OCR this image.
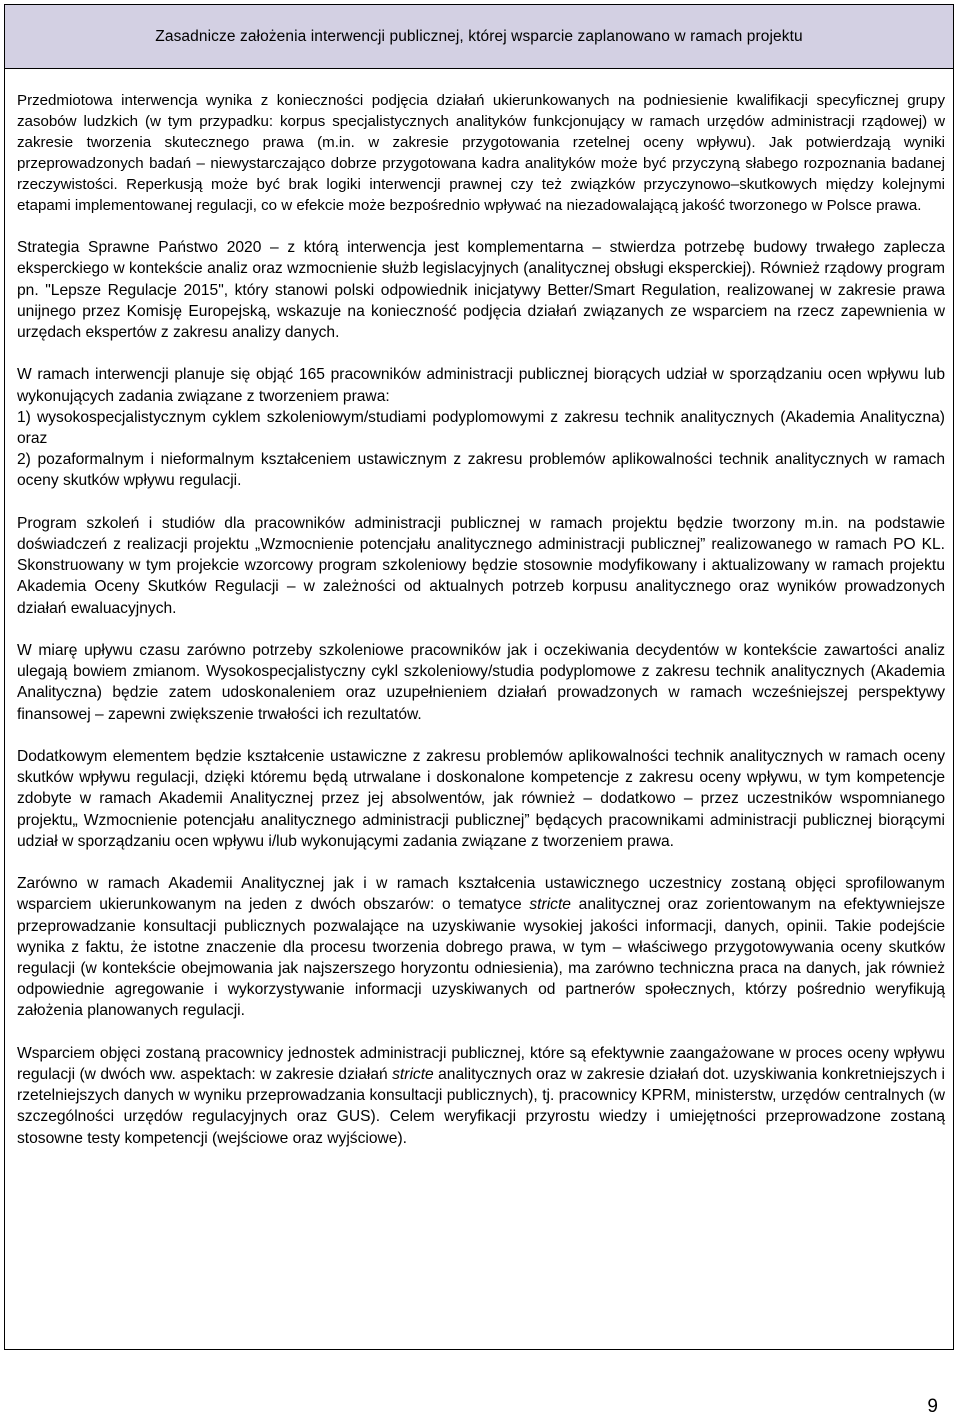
Zasadnicze założenia interwencji publicznej, której wsparcie zaplanowano w ramach projektu

Przedmiotowa interwencja wynika z konieczności podjęcia działań ukierunkowanych na podniesienie kwalifikacji specyficznej grupy zasobów ludzkich (w tym przypadku: korpus specjalistycznych analityków funkcjonujący w ramach urzędów administracji rządowej) w zakresie tworzenia skutecznego prawa (m.in. w zakresie przygotowania rzetelnej oceny wpływu). Jak potwierdzają wyniki przeprowadzonych badań – niewystarczająco dobrze przygotowana kadra analityków może być przyczyną słabego rozpoznania badanej rzeczywistości. Reperkusją może być brak logiki interwencji prawnej czy też związków przyczynowo–skutkowych między kolejnymi etapami implementowanej regulacji, co w efekcie może bezpośrednio wpływać na niezadowalającą jakość tworzonego w Polsce prawa.

Strategia Sprawne Państwo 2020 – z którą interwencja jest komplementarna – stwierdza potrzebę budowy trwałego zaplecza eksperckiego w kontekście analiz oraz wzmocnienie służb legislacyjnych (analitycznej obsługi eksperckiej). Również rządowy program pn. "Lepsze Regulacje 2015", który stanowi polski odpowiednik inicjatywy Better/Smart Regulation, realizowanej w zakresie prawa unijnego przez Komisję Europejską, wskazuje na konieczność podjęcia działań związanych ze wsparciem na rzecz zapewnienia w urzędach ekspertów z zakresu analizy danych.

W ramach interwencji planuje się objąć 165 pracowników administracji publicznej biorących udział w sporządzaniu ocen wpływu lub wykonujących zadania związane z tworzeniem prawa:
1) wysokospecjalistycznym cyklem szkoleniowym/studiami podyplomowymi z zakresu technik analitycznych (Akademia Analityczna) oraz
2) pozaformalnym i nieformalnym kształceniem ustawicznym z zakresu problemów aplikowalności technik analitycznych w ramach oceny skutków wpływu regulacji.

Program szkoleń i studiów dla pracowników administracji publicznej w ramach projektu będzie tworzony m.in. na podstawie doświadczeń z realizacji projektu „Wzmocnienie potencjału analitycznego administracji publicznej” realizowanego w ramach PO KL. Skonstruowany w tym projekcie wzorcowy program szkoleniowy będzie stosownie modyfikowany i aktualizowany w ramach projektu Akademia Oceny Skutków Regulacji – w zależności od aktualnych potrzeb korpusu analitycznego oraz wyników prowadzonych działań ewaluacyjnych.

W miarę upływu czasu zarówno potrzeby szkoleniowe pracowników jak i oczekiwania decydentów w kontekście zawartości analiz ulegają bowiem zmianom. Wysokospecjalistyczny cykl szkoleniowy/studia podyplomowe z zakresu technik analitycznych (Akademia Analityczna) będzie zatem udoskonaleniem oraz uzupełnieniem działań prowadzonych w ramach wcześniejszej perspektywy finansowej – zapewni zwiększenie trwałości ich rezultatów.

Dodatkowym elementem będzie kształcenie ustawiczne z zakresu problemów aplikowalności technik analitycznych w ramach oceny skutków wpływu regulacji, dzięki któremu będą utrwalane i doskonalone kompetencje z zakresu oceny wpływu, w tym kompetencje zdobyte w ramach Akademii Analitycznej przez jej absolwentów, jak również – dodatkowo – przez uczestników wspomnianego projektu„ Wzmocnienie potencjału analitycznego administracji publicznej” będących pracownikami administracji publicznej biorącymi udział w sporządzaniu ocen wpływu i/lub wykonującymi zadania związane z tworzeniem prawa.

Zarówno w ramach Akademii Analitycznej jak i w ramach kształcenia ustawicznego uczestnicy zostaną objęci sprofilowanym wsparciem ukierunkowanym na jeden z dwóch obszarów: o tematyce stricte analitycznej oraz zorientowanym na efektywniejsze przeprowadzanie konsultacji publicznych pozwalające na uzyskiwanie wysokiej jakości informacji, danych, opinii. Takie podejście wynika z faktu, że istotne znaczenie dla procesu tworzenia dobrego prawa, w tym – właściwego przygotowywania oceny skutków regulacji (w kontekście obejmowania jak najszerszego horyzontu odniesienia), ma zarówno techniczna praca na danych, jak również odpowiednie agregowanie i wykorzystywanie informacji uzyskiwanych od partnerów społecznych, którzy pośrednio weryfikują założenia planowanych regulacji.

Wsparciem objęci zostaną pracownicy jednostek administracji publicznej, które są efektywnie zaangażowane w proces oceny wpływu regulacji (w dwóch ww. aspektach: w zakresie działań stricte analitycznych oraz w zakresie działań dot. uzyskiwania konkretniejszych i rzetelniejszych danych w wyniku przeprowadzania konsultacji publicznych), tj. pracownicy KPRM, ministerstw, urzędów centralnych (w szczególności urzędów regulacyjnych oraz GUS). Celem weryfikacji przyrostu wiedzy i umiejętności przeprowadzone zostaną stosowne testy kompetencji (wejściowe oraz wyjściowe).

9
